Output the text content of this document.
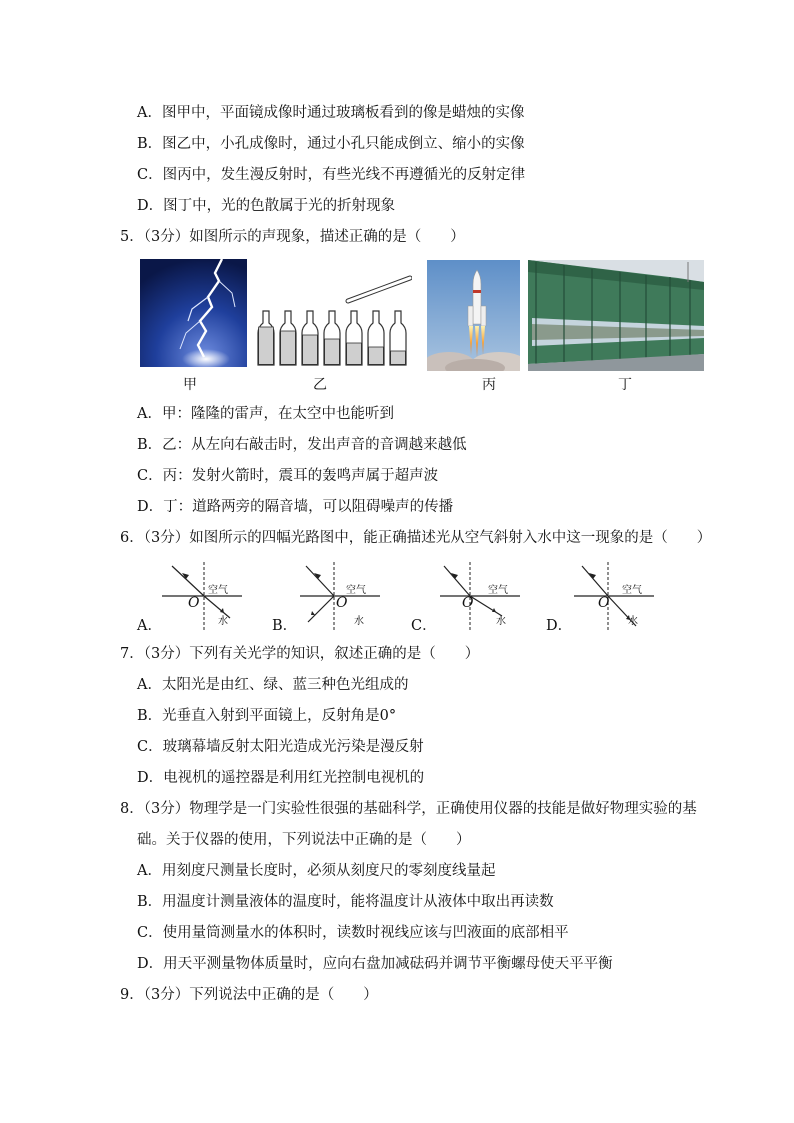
A．图甲中，平面镜成像时通过玻璃板看到的像是蜡烛的实像
B．图乙中，小孔成像时，通过小孔只能成倒立、缩小的实像
C．图丙中，发生漫反射时，有些光线不再遵循光的反射定律
D．图丁中，光的色散属于光的折射现象
5．（3分）如图所示的声现象，描述正确的是（　　）
甲	乙	丙	丁
A．甲：隆隆的雷声，在太空中也能听到
B．乙：从左向右敲击时，发出声音的音调越来越低
C．丙：发射火箭时，震耳的轰鸣声属于超声波
D．丁：道路两旁的隔音墙，可以阻碍噪声的传播
6．（3分）如图所示的四幅光路图中，能正确描述光从空气斜射入水中这一现象的是（　　）
O
空气
水
O
空气
水
O
空气
水
O
空气
水
A．	B．	C．	D．
7．（3分）下列有关光学的知识，叙述正确的是（　　）
A．太阳光是由红、绿、蓝三种色光组成的
B．光垂直入射到平面镜上，反射角是0°
C．玻璃幕墙反射太阳光造成光污染是漫反射
D．电视机的遥控器是利用红光控制电视机的
8．（3分）物理学是一门实验性很强的基础科学，正确使用仪器的技能是做好物理实验的基
础。关于仪器的使用，下列说法中正确的是（　　）
A．用刻度尺测量长度时，必须从刻度尺的零刻度线量起
B．用温度计测量液体的温度时，能将温度计从液体中取出再读数
C．使用量筒测量水的体积时，读数时视线应该与凹液面的底部相平
D．用天平测量物体质量时，应向右盘加减砝码并调节平衡螺母使天平平衡
9．（3分）下列说法中正确的是（　　）
